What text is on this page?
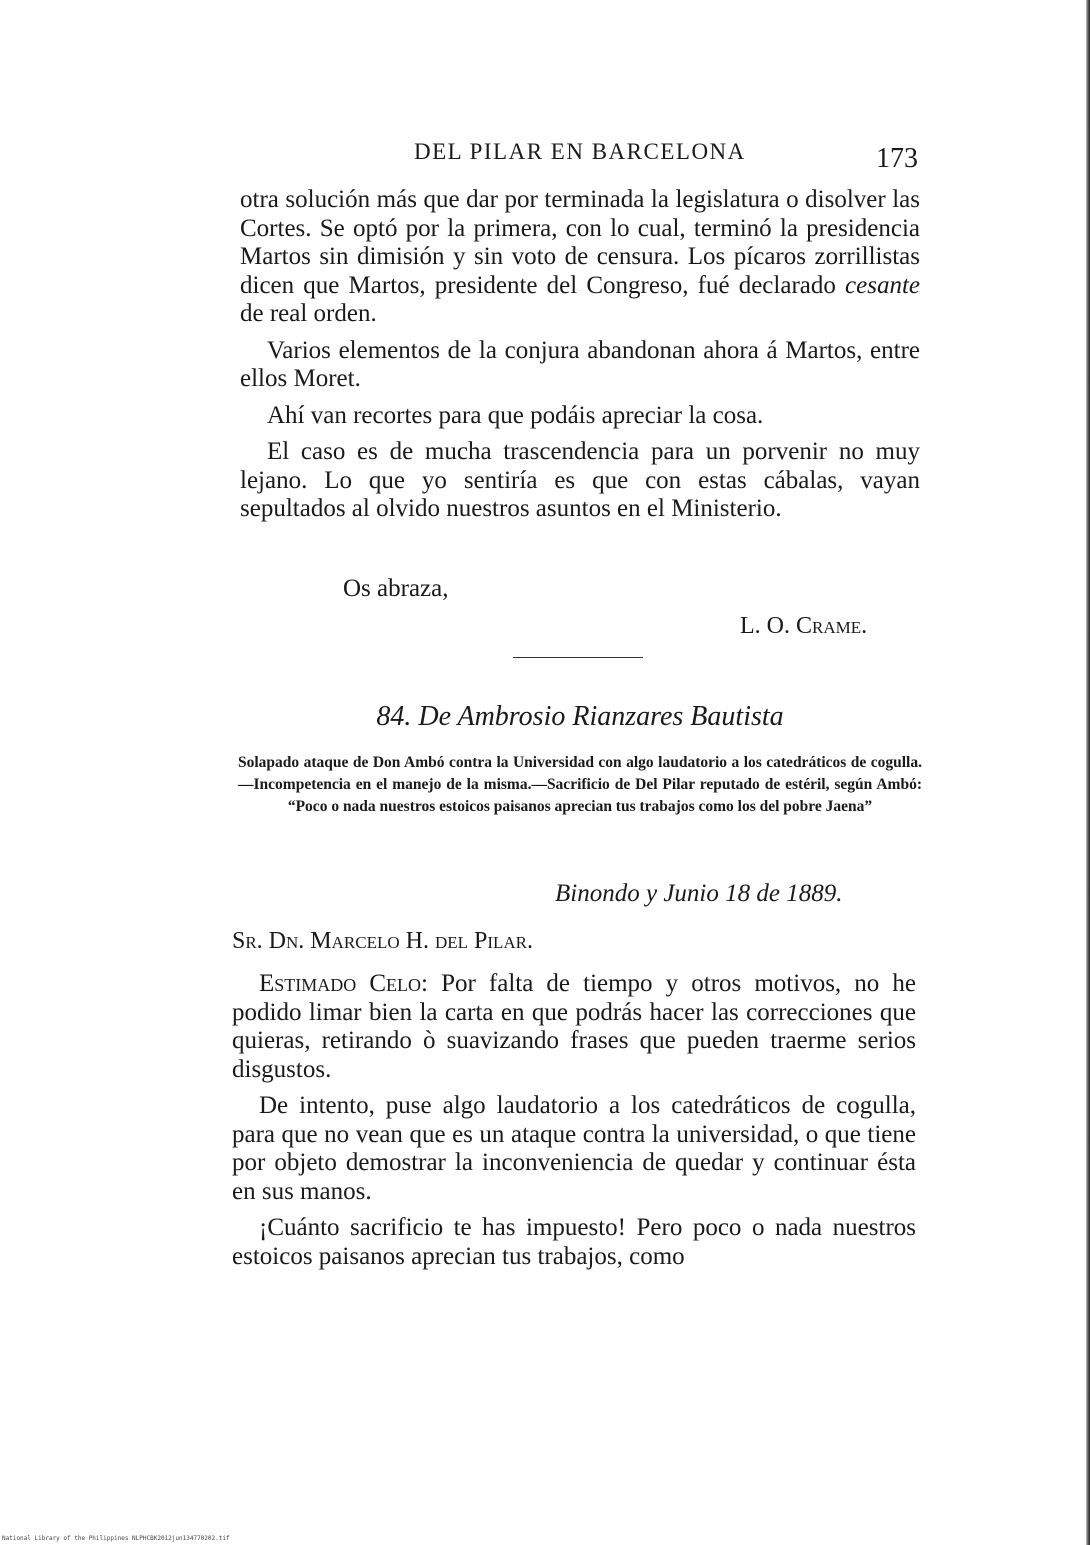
DEL PILAR EN BARCELONA	173

otra solución más que dar por terminada la legislatura o disolver las Cortes. Se optó por la primera, con lo cual, terminó la presidencia Martos sin dimisión y sin voto de censura. Los pícaros zorrillistas dicen que Martos, presidente del Congreso, fué declarado cesante de real orden.

Varios elementos de la conjura abandonan ahora á Martos, entre ellos Moret.

Ahí van recortes para que podáis apreciar la cosa.

El caso es de mucha trascendencia para un porvenir no muy lejano. Lo que yo sentiría es que con estas cábalas, vayan sepultados al olvido nuestros asuntos en el Ministerio.

Os abraza,
L. O. Crame.
84. De Ambrosio Rianzares Bautista
Solapado ataque de Don Ambó contra la Universidad con algo laudatorio a los catedráticos de cogulla.—Incompetencia en el manejo de la misma.—Sacrificio de Del Pilar reputado de estéril, según Ambó: “Poco o nada nuestros estoicos paisanos aprecian tus trabajos como los del pobre Jaena”
Binondo y Junio 18 de 1889.
Sr. Dn. Marcelo H. del Pilar.

Estimado Celo: Por falta de tiempo y otros motivos, no he podido limar bien la carta en que podrás hacer las correcciones que quieras, retirando ò suavizando frases que pueden traerme serios disgustos.

De intento, puse algo laudatorio a los catedráticos de cogulla, para que no vean que es un ataque contra la universidad, o que tiene por objeto demostrar la inconveniencia de quedar y continuar ésta en sus manos.

¡Cuánto sacrificio te has impuesto! Pero poco o nada nuestros estoicos paisanos aprecian tus trabajos, como

National Library of the Philippines NLPHCBK2012jun134770202.tif
